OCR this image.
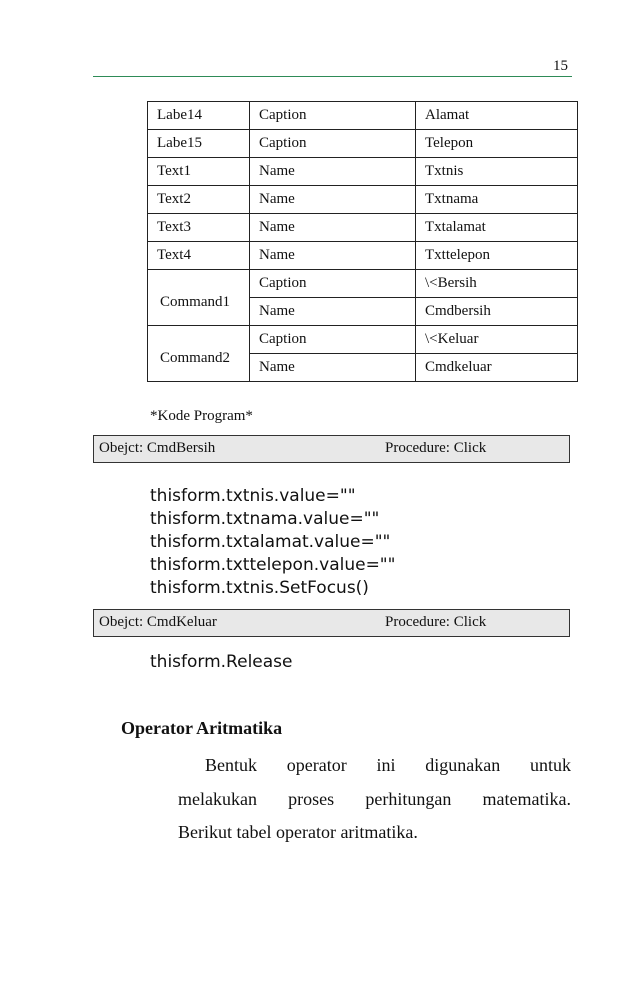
15
Labe14	Caption	Alamat
Labe15	Caption	Telepon
Text1	Name	Txtnis
Text2	Name	Txtnama
Text3	Name	Txtalamat
Text4	Name	Txttelepon
Command1	Caption	\<Bersih
	Name	Cmdbersih
Command2	Caption	\<Keluar
	Name	Cmdkeluar
*Kode Program*
Obejct: CmdBersih	Procedure: Click
thisform.txtnis.value=""
thisform.txtnama.value=""
thisform.txtalamat.value=""
thisform.txttelepon.value=""
thisform.txtnis.SetFocus()
Obejct: CmdKeluar	Procedure: Click
thisform.Release
Operator Aritmatika
Bentuk operator ini digunakan untuk
melakukan proses perhitungan matematika.
Berikut tabel operator aritmatika.
